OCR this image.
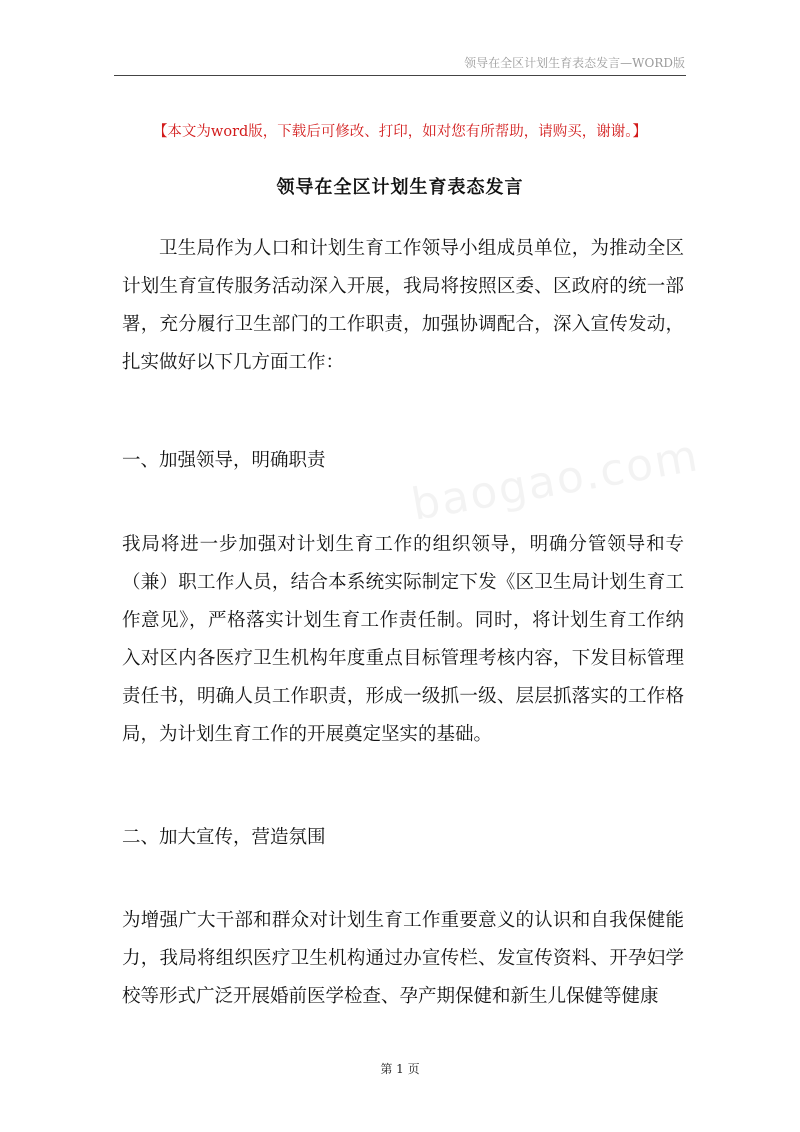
领导在全区计划生育表态发言—WORD版
【本文为word版，下载后可修改、打印，如对您有所帮助，请购买，谢谢。】
领导在全区计划生育表态发言

卫生局作为人口和计划生育工作领导小组成员单位，为推动全区计划生育宣传服务活动深入开展，我局将按照区委、区政府的统一部署，充分履行卫生部门的工作职责，加强协调配合，深入宣传发动，扎实做好以下几方面工作：

一、加强领导，明确职责

我局将进一步加强对计划生育工作的组织领导，明确分管领导和专（兼）职工作人员，结合本系统实际制定下发《区卫生局计划生育工作意见》，严格落实计划生育工作责任制。同时，将计划生育工作纳入对区内各医疗卫生机构年度重点目标管理考核内容，下发目标管理责任书，明确人员工作职责，形成一级抓一级、层层抓落实的工作格局，为计划生育工作的开展奠定坚实的基础。

二、加大宣传，营造氛围

为增强广大干部和群众对计划生育工作重要意义的认识和自我保健能力，我局将组织医疗卫生机构通过办宣传栏、发宣传资料、开孕妇学校等形式广泛开展婚前医学检查、孕产期保健和新生儿保健等健康

第 1 页
